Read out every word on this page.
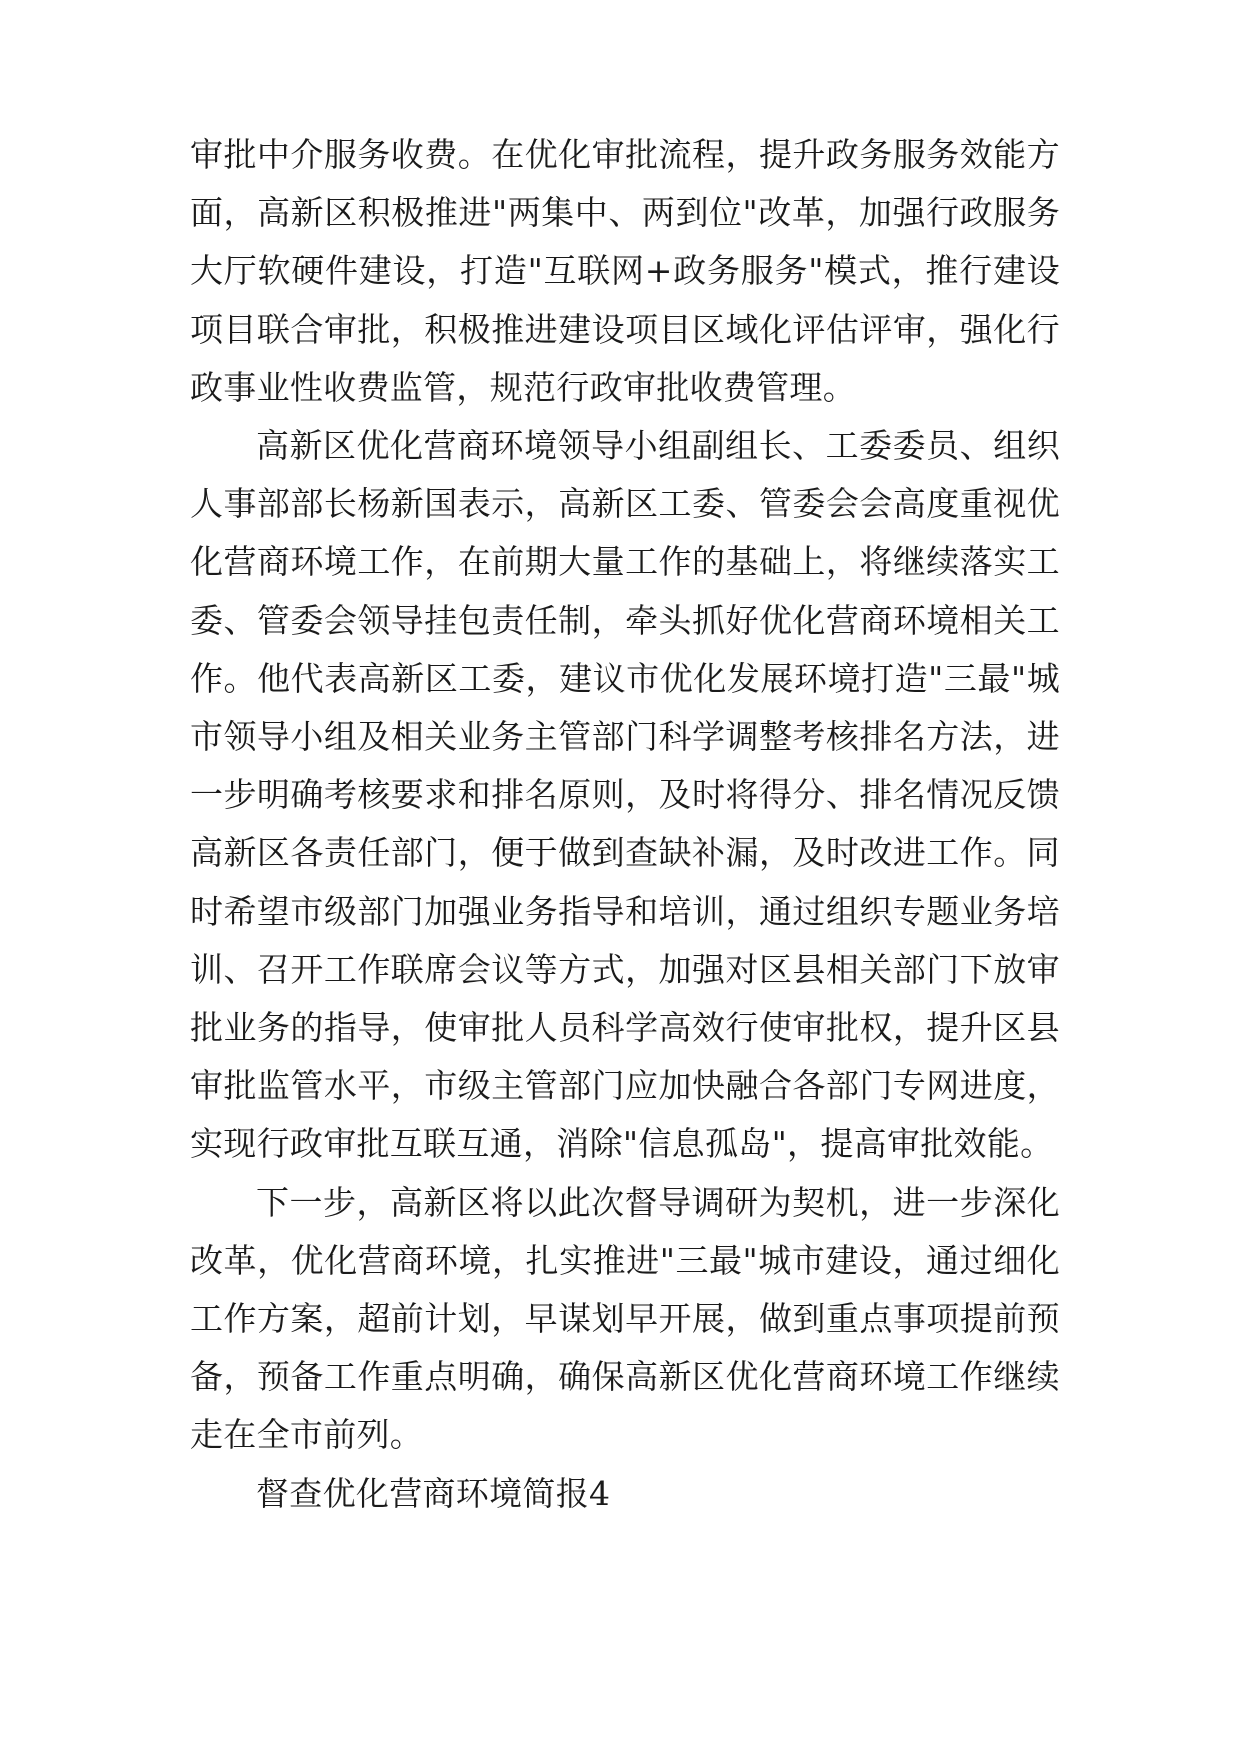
审批中介服务收费。在优化审批流程，提升政务服务效能方面，高新区积极推进"两集中、两到位"改革，加强行政服务大厅软硬件建设，打造"互联网+政务服务"模式，推行建设项目联合审批，积极推进建设项目区域化评估评审，强化行政事业性收费监管，规范行政审批收费管理。

高新区优化营商环境领导小组副组长、工委委员、组织人事部部长杨新国表示，高新区工委、管委会会高度重视优化营商环境工作，在前期大量工作的基础上，将继续落实工委、管委会领导挂包责任制，牵头抓好优化营商环境相关工作。他代表高新区工委，建议市优化发展环境打造"三最"城市领导小组及相关业务主管部门科学调整考核排名方法，进一步明确考核要求和排名原则，及时将得分、排名情况反馈高新区各责任部门，便于做到查缺补漏，及时改进工作。同时希望市级部门加强业务指导和培训，通过组织专题业务培训、召开工作联席会议等方式，加强对区县相关部门下放审批业务的指导，使审批人员科学高效行使审批权，提升区县审批监管水平，市级主管部门应加快融合各部门专网进度，实现行政审批互联互通，消除"信息孤岛"，提高审批效能。

下一步，高新区将以此次督导调研为契机，进一步深化改革，优化营商环境，扎实推进"三最"城市建设，通过细化工作方案，超前计划，早谋划早开展，做到重点事项提前预备，预备工作重点明确，确保高新区优化营商环境工作继续走在全市前列。

督查优化营商环境简报4
